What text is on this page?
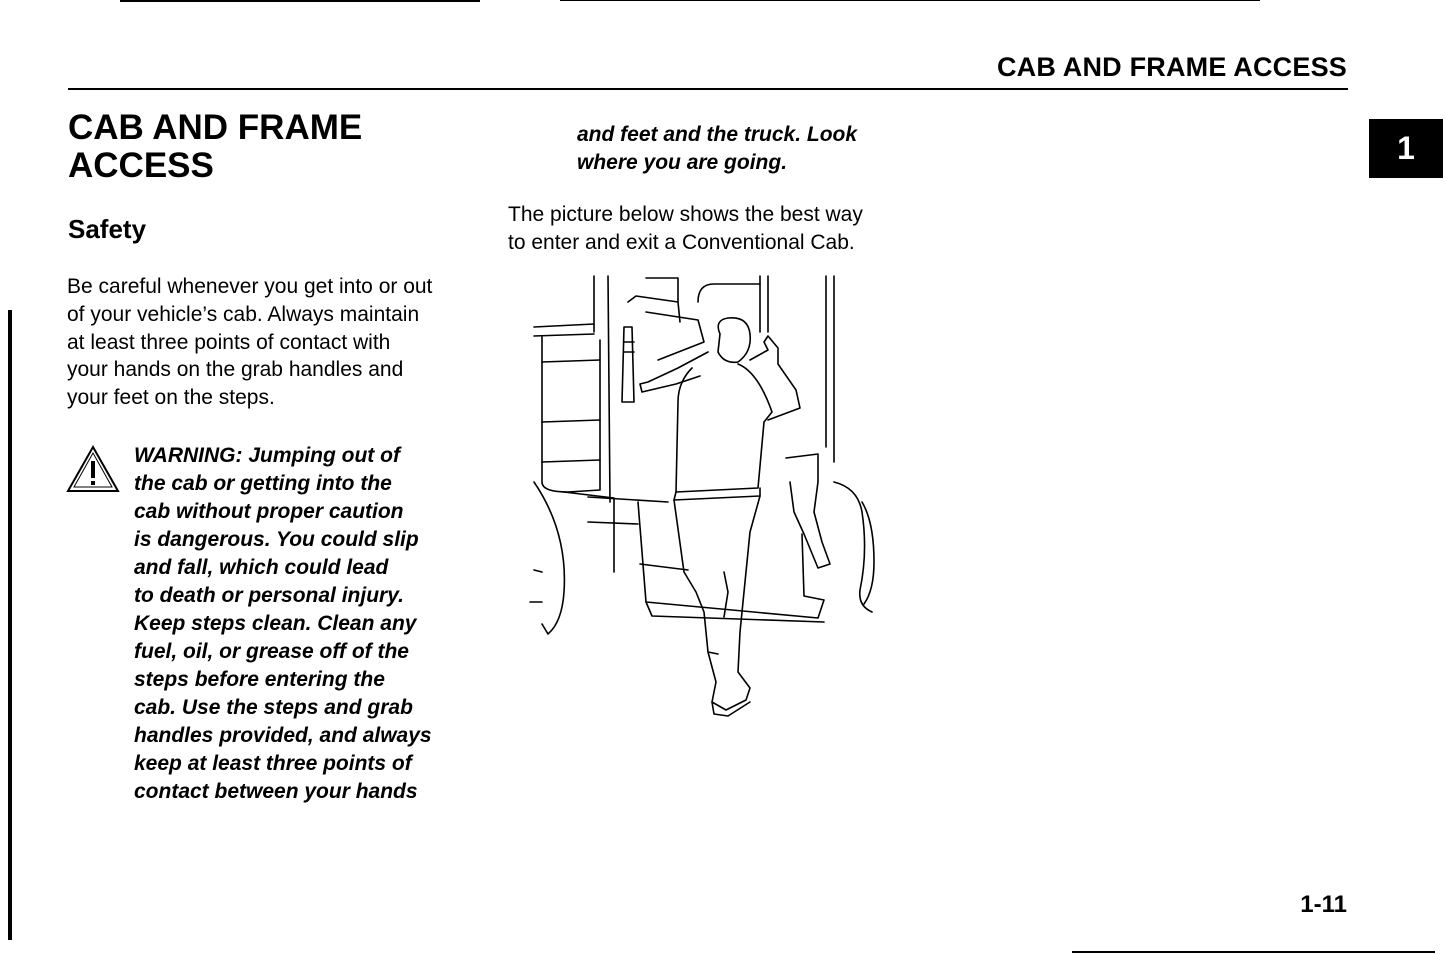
CAB AND FRAME ACCESS
1
CAB AND FRAME
ACCESS
Safety
Be careful whenever you get into or out
of your vehicle’s cab. Always maintain
at least three points of contact with
your hands on the grab handles and
your feet on the steps.
WARNING: Jumping out of
the cab or getting into the
cab without proper caution
is dangerous. You could slip
and fall, which could lead
to death or personal injury.
Keep steps clean. Clean any
fuel, oil, or grease off of the
steps before entering the
cab. Use the steps and grab
handles provided, and always
keep at least three points of
contact between your hands
and feet and the truck. Look
where you are going.
The picture below shows the best way
to enter and exit a Conventional Cab.
1-11
